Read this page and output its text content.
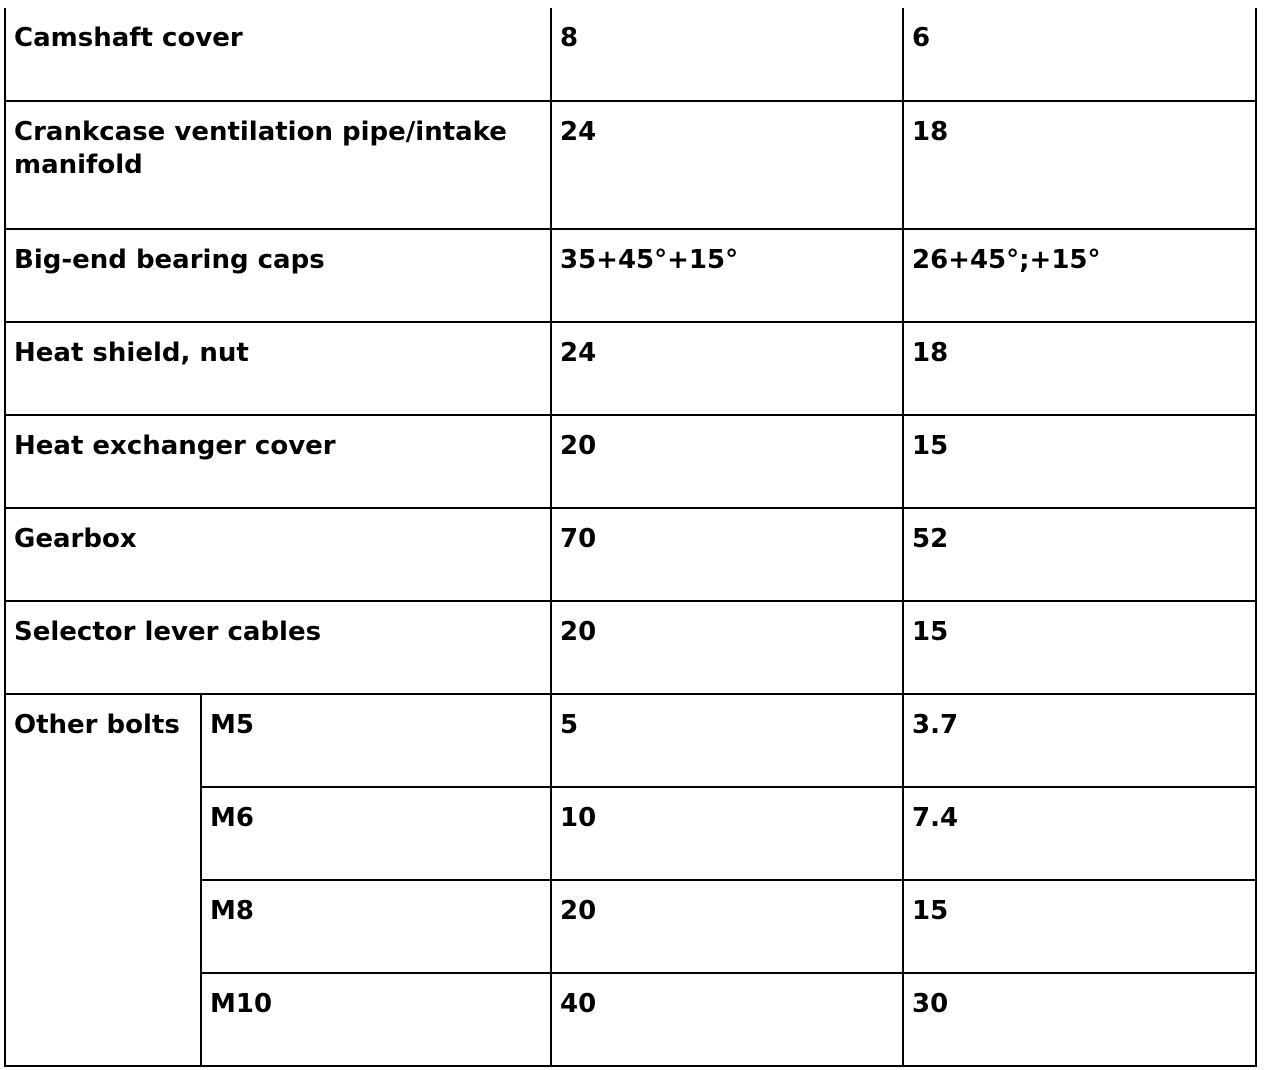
Camshaft cover		8	6
Crankcase ventilation pipe/intake manifold		24	18
Big-end bearing caps		35+45°+15°	26+45°;+15°
Heat shield, nut		24	18
Heat exchanger cover		20	15
Gearbox		70	52
Selector lever cables		20	15
Other bolts	M5	5	3.7
	M6	10	7.4
	M8	20	15
	M10	40	30
